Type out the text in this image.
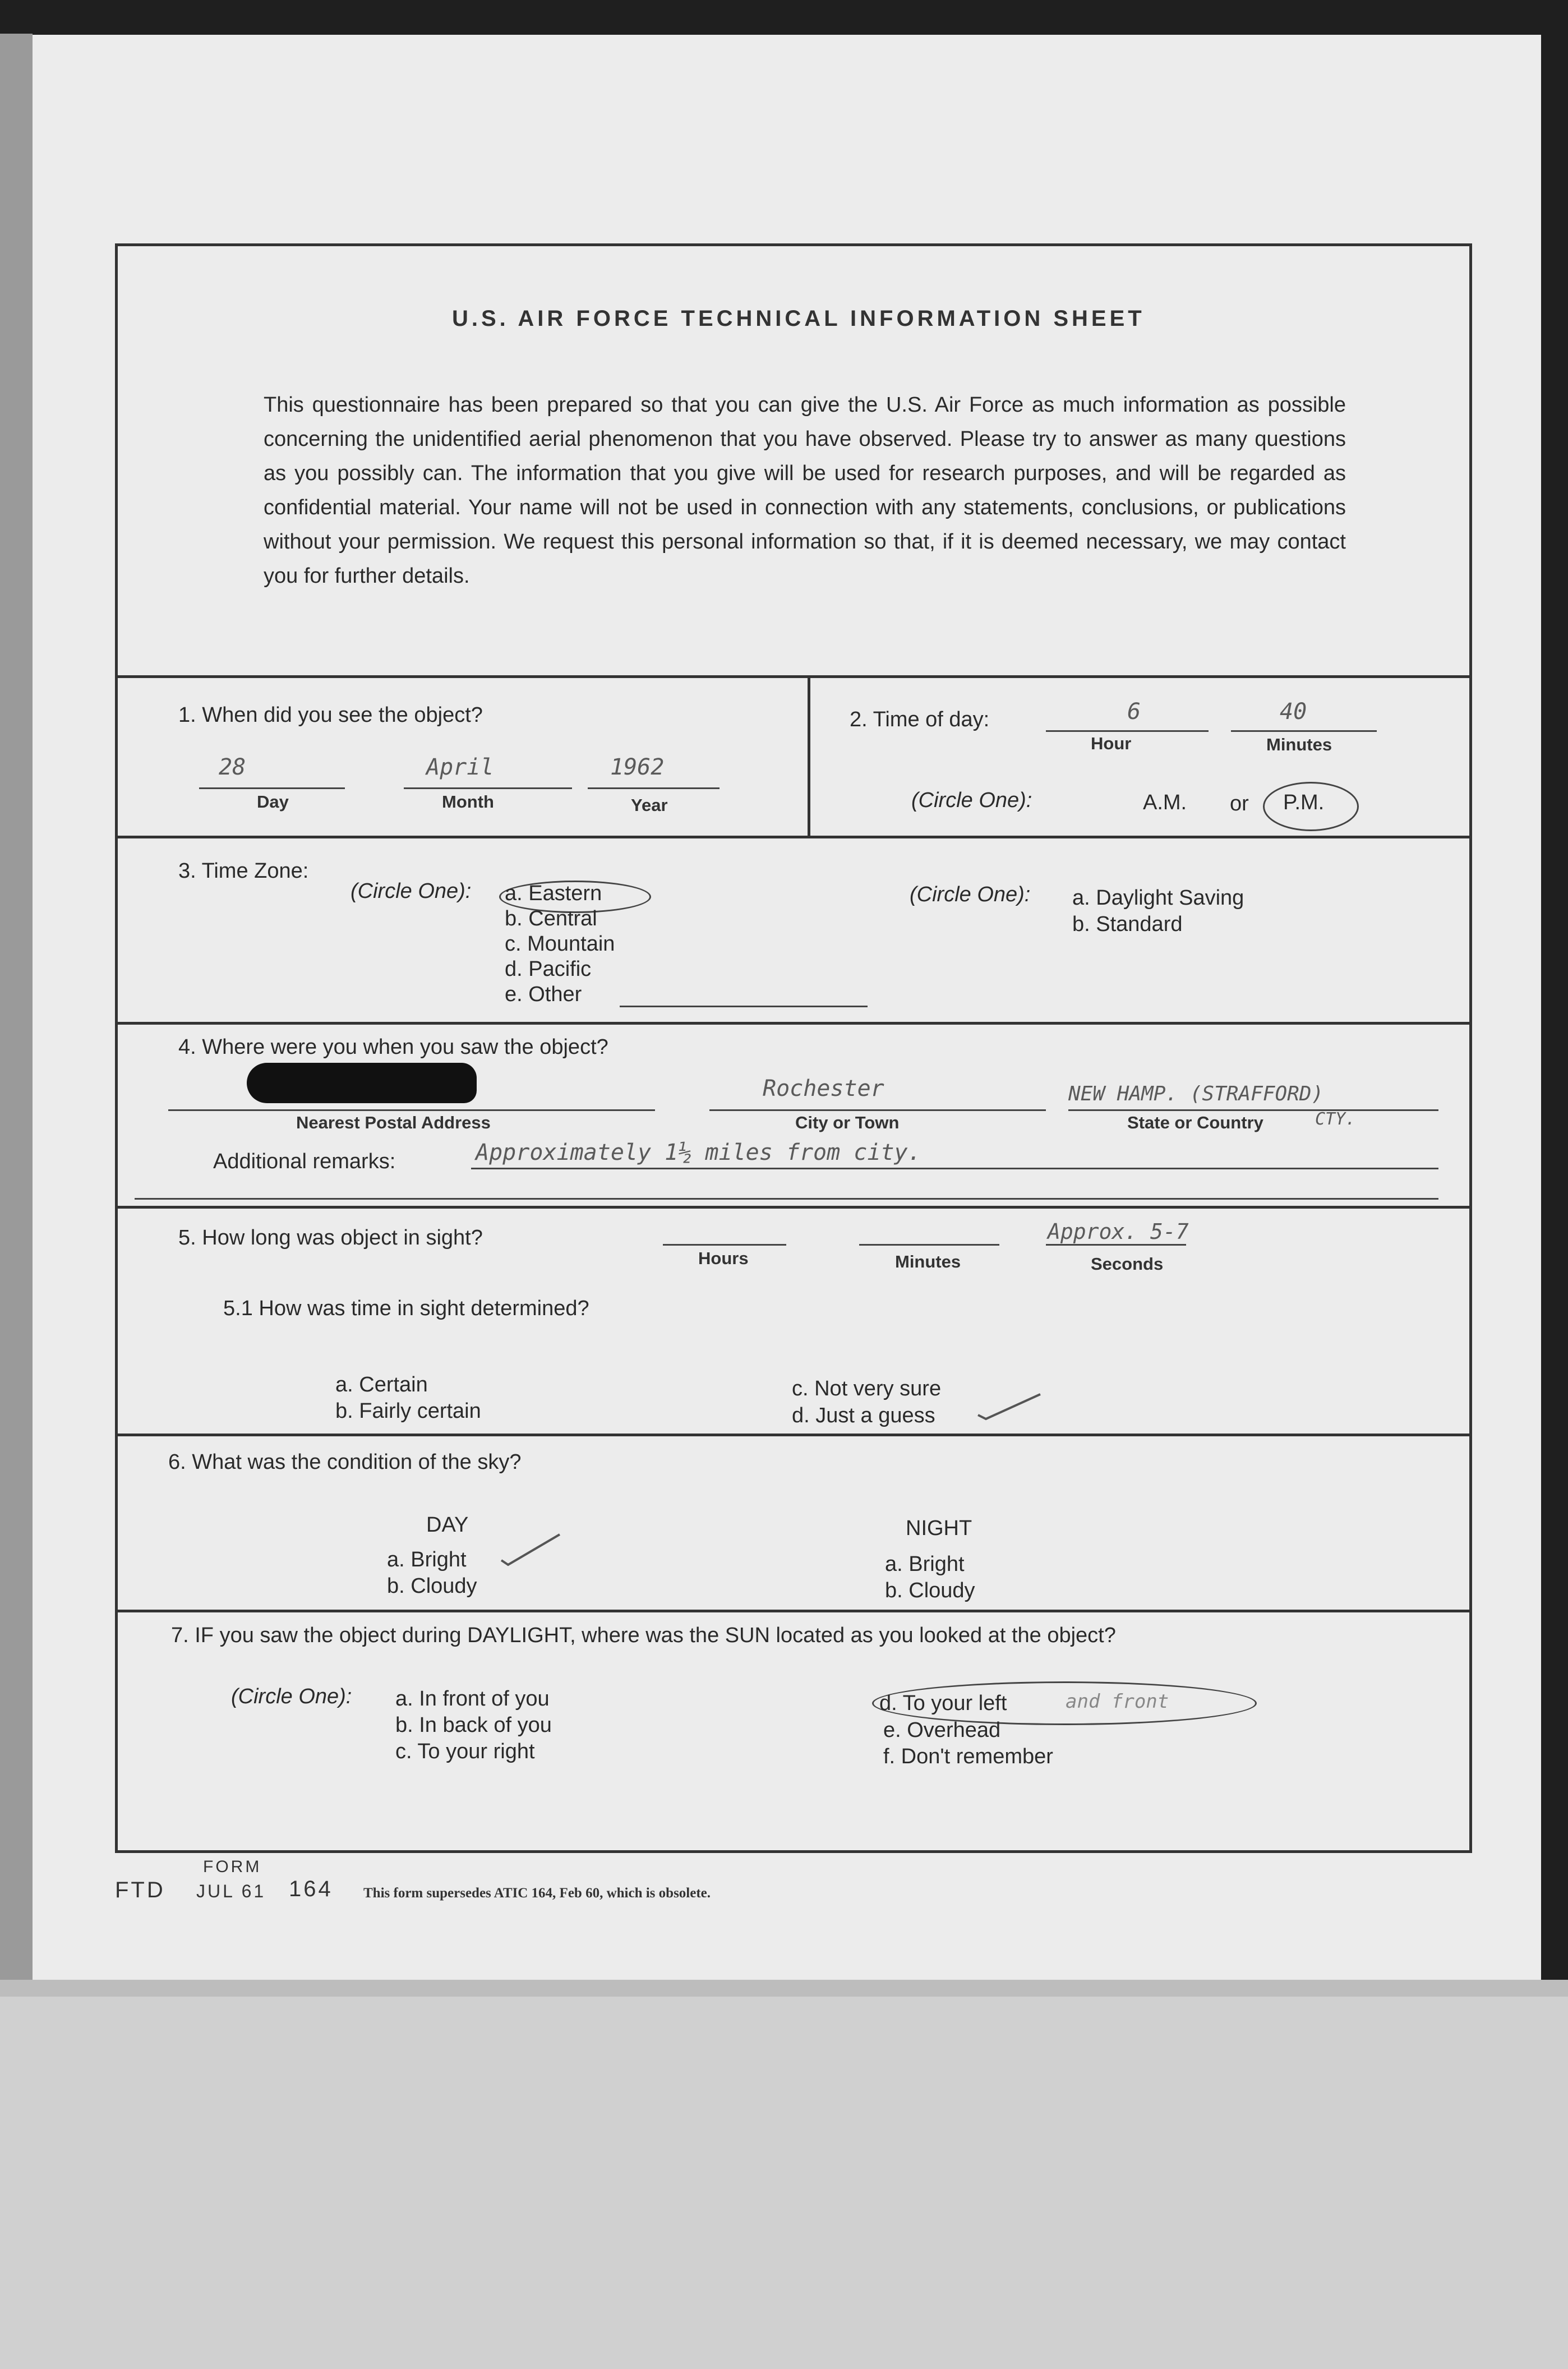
U.S. AIR FORCE TECHNICAL INFORMATION SHEET
This questionnaire has been prepared so that you can give the U.S. Air Force as much information as possible concerning the unidentified aerial phenomenon that you have observed. Please try to answer as many questions as you possibly can. The information that you give will be used for research purposes, and will be regarded as confidential material. Your name will not be used in connection with any statements, conclusions, or publications without your permission. We request this personal information so that, if it is deemed necessary, we may contact you for further details.
1. When did you see the object?
28
Day
April
Month
1962
Year
2. Time of day:	6
Hour
40
Minutes
(Circle One):	A.M. or P.M.
3. Time Zone:
(Circle One): a. Eastern
b. Central
c. Mountain
d. Pacific
e. Other
(Circle One): a. Daylight Saving
b. Standard
4. Where were you when you saw the object?
Nearest Postal Address
Rochester
City or Town
NEW HAMP. (STRAFFORD)
CTY.
State or Country
Additional remarks:	Approximately 1½ miles from city.
5. How long was object in sight?
Hours	Minutes
Approx. 5-7
Seconds
5.1 How was time in sight determined?
a. Certain
b. Fairly certain
c. Not very sure
d. Just a guess
6. What was the condition of the sky?
DAY
a. Bright
b. Cloudy
NIGHT
a. Bright
b. Cloudy
7. IF you saw the object during DAYLIGHT, where was the SUN located as you looked at the object?
(Circle One): a. In front of you
b. In back of you
c. To your right
d. To your left	and front
e. Overhead
f. Don't remember
FTD
FORM
JUL 61 164 This form supersedes ATIC 164, Feb 60, which is obsolete.
